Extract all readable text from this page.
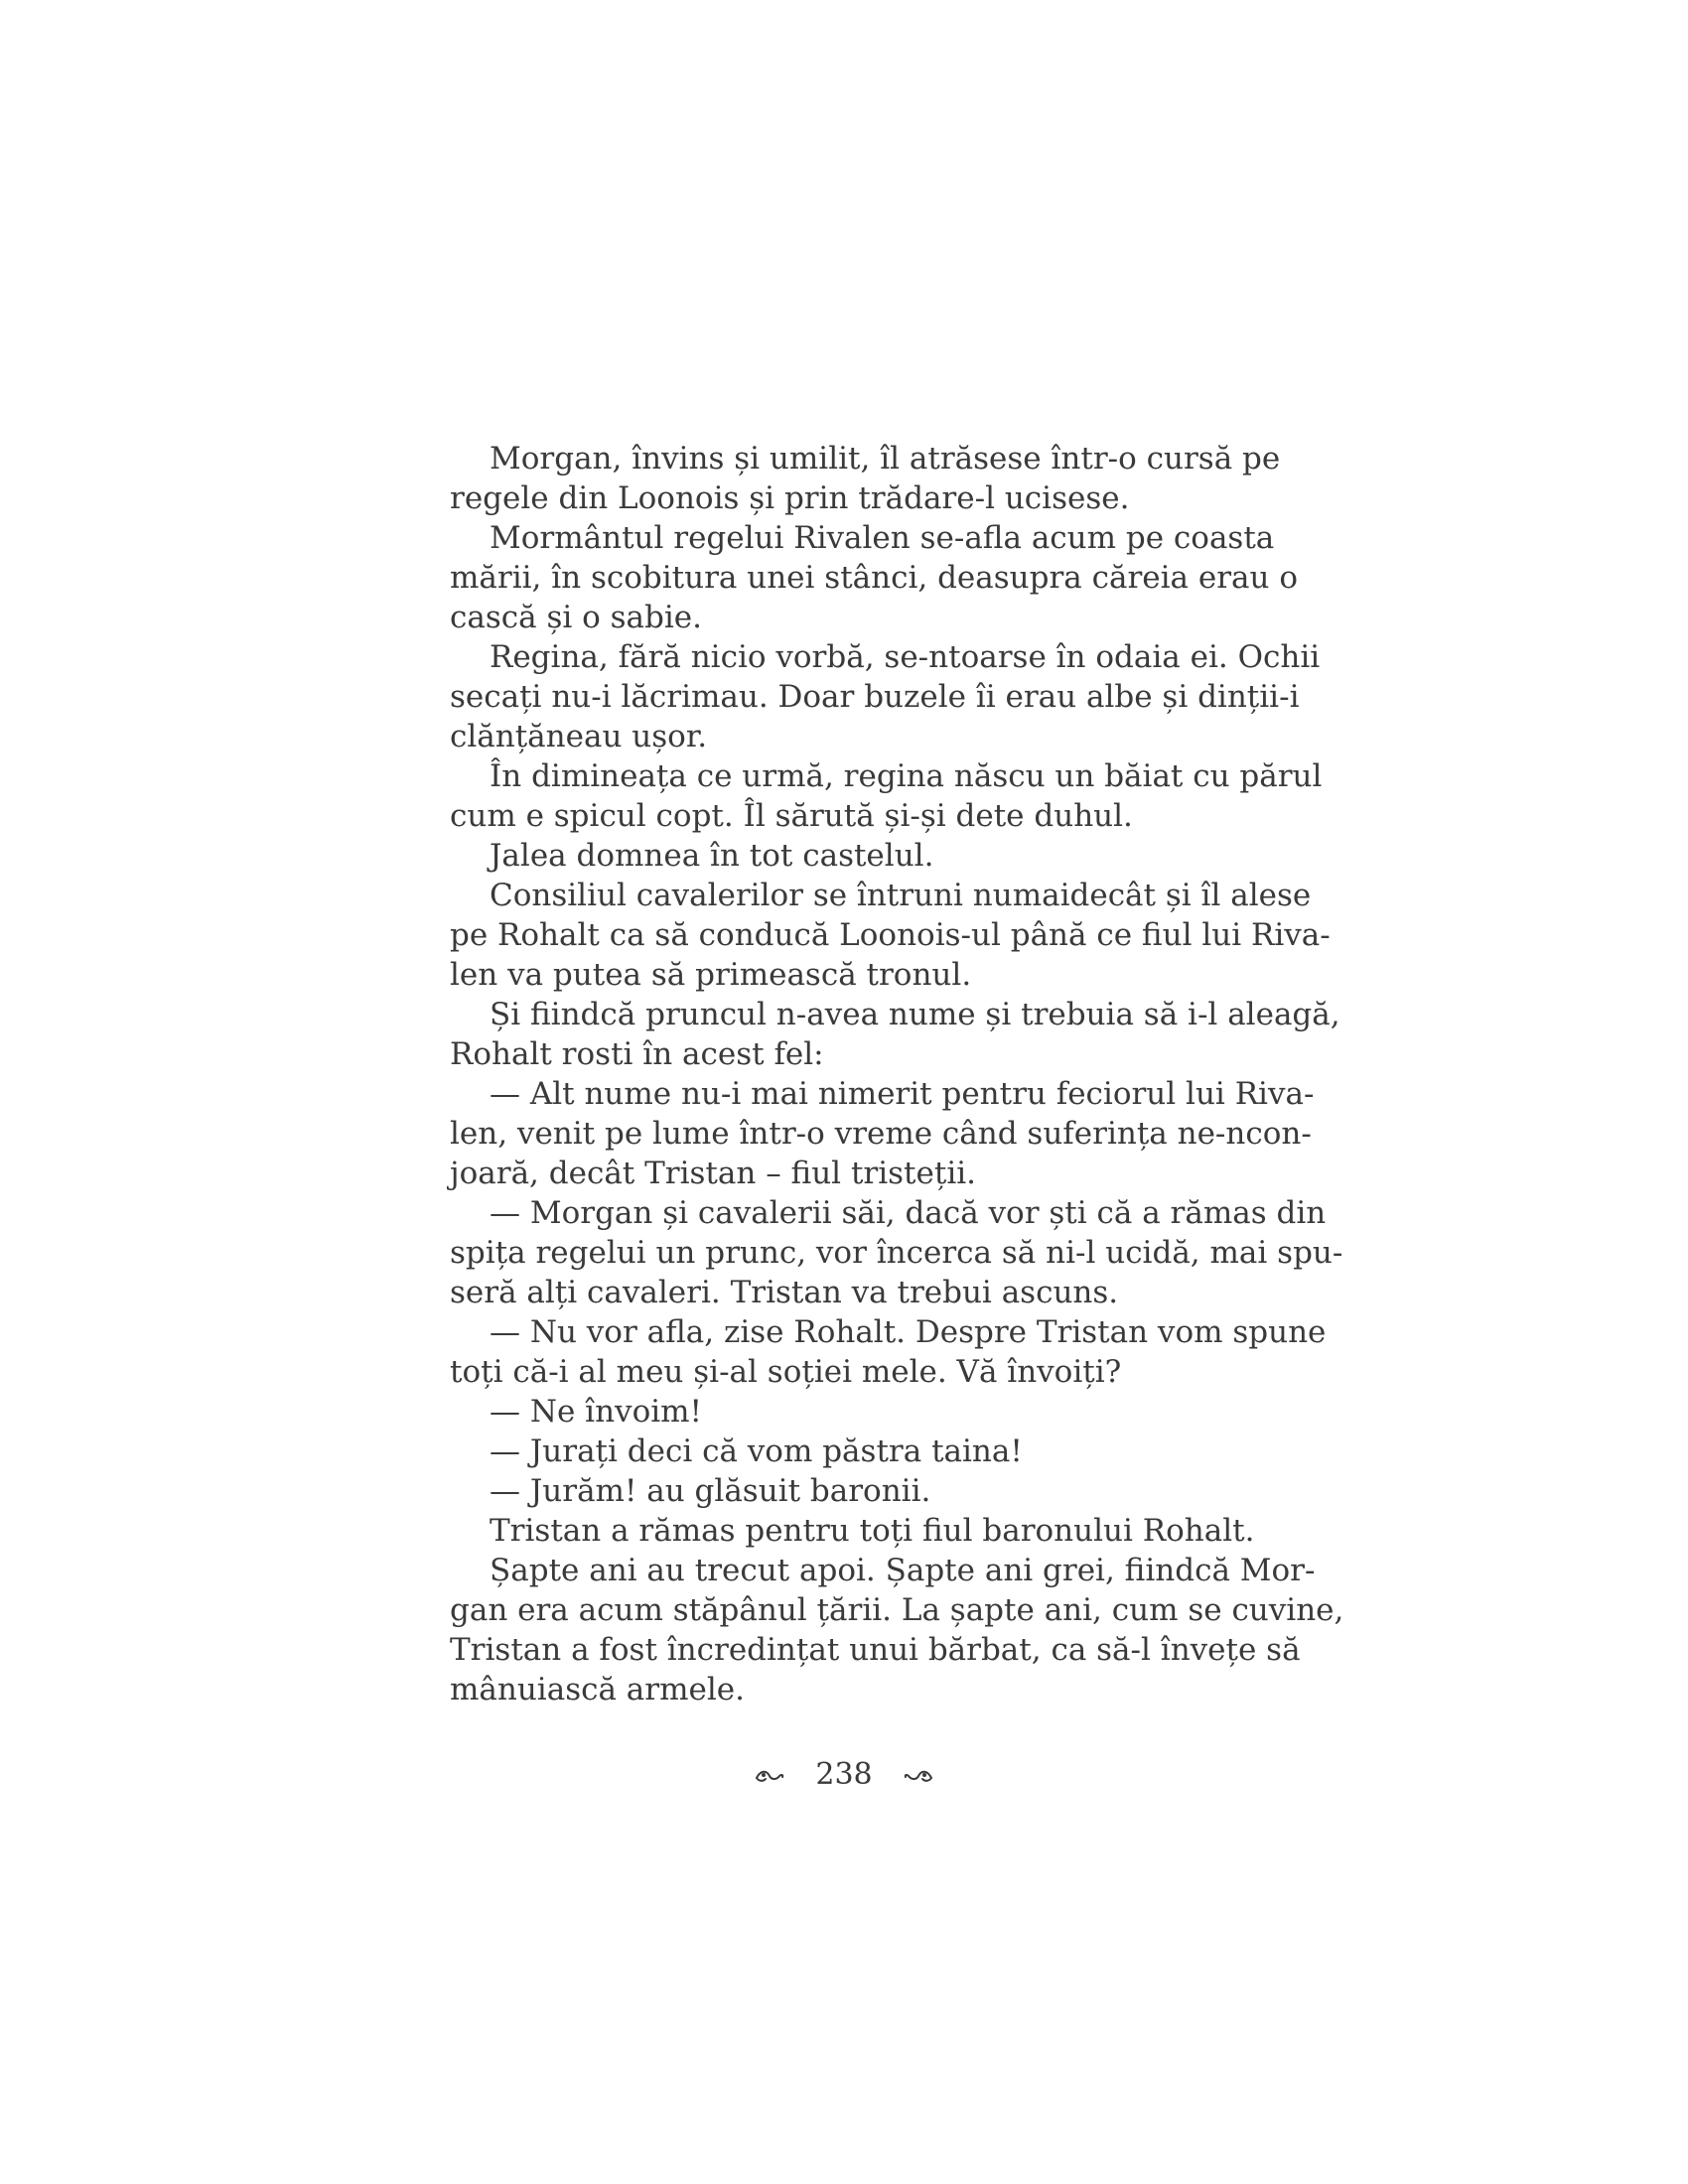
Morgan, învins și umilit, îl atrăsese într-o cursă pe
regele din Loonois și prin trădare-l ucisese.
Mormântul regelui Rivalen se-afla acum pe coasta
mării, în scobitura unei stânci, deasupra căreia erau o
cască și o sabie.
Regina, fără nicio vorbă, se-ntoarse în odaia ei. Ochii
secați nu-i lăcrimau. Doar buzele îi erau albe și dinții-i
clănțăneau ușor.
În dimineața ce urmă, regina născu un băiat cu părul
cum e spicul copt. Îl sărută și-și dete duhul.
Jalea domnea în tot castelul.
Consiliul cavalerilor se întruni numaidecât și îl alese
pe Rohalt ca să conducă Loonois-ul până ce fiul lui Riva-
len va putea să primească tronul.
Și fiindcă pruncul n-avea nume și trebuia să i-l aleagă,
Rohalt rosti în acest fel:
— Alt nume nu-i mai nimerit pentru feciorul lui Riva-
len, venit pe lume într-o vreme când suferința ne-ncon-
joară, decât Tristan – fiul tristeții.
— Morgan și cavalerii săi, dacă vor ști că a rămas din
spița regelui un prunc, vor încerca să ni-l ucidă, mai spu-
seră alți cavaleri. Tristan va trebui ascuns.
— Nu vor afla, zise Rohalt. Despre Tristan vom spune
toți că-i al meu și-al soției mele. Vă învoiți?
— Ne învoim!
— Jurați deci că vom păstra taina!
— Jurăm! au glăsuit baronii.
Tristan a rămas pentru toți fiul baronului Rohalt.
Șapte ani au trecut apoi. Șapte ani grei, fiindcă Mor-
gan era acum stăpânul țării. La șapte ani, cum se cuvine,
Tristan a fost încredințat unui bărbat, ca să-l învețe să
mânuiască armele.
238
